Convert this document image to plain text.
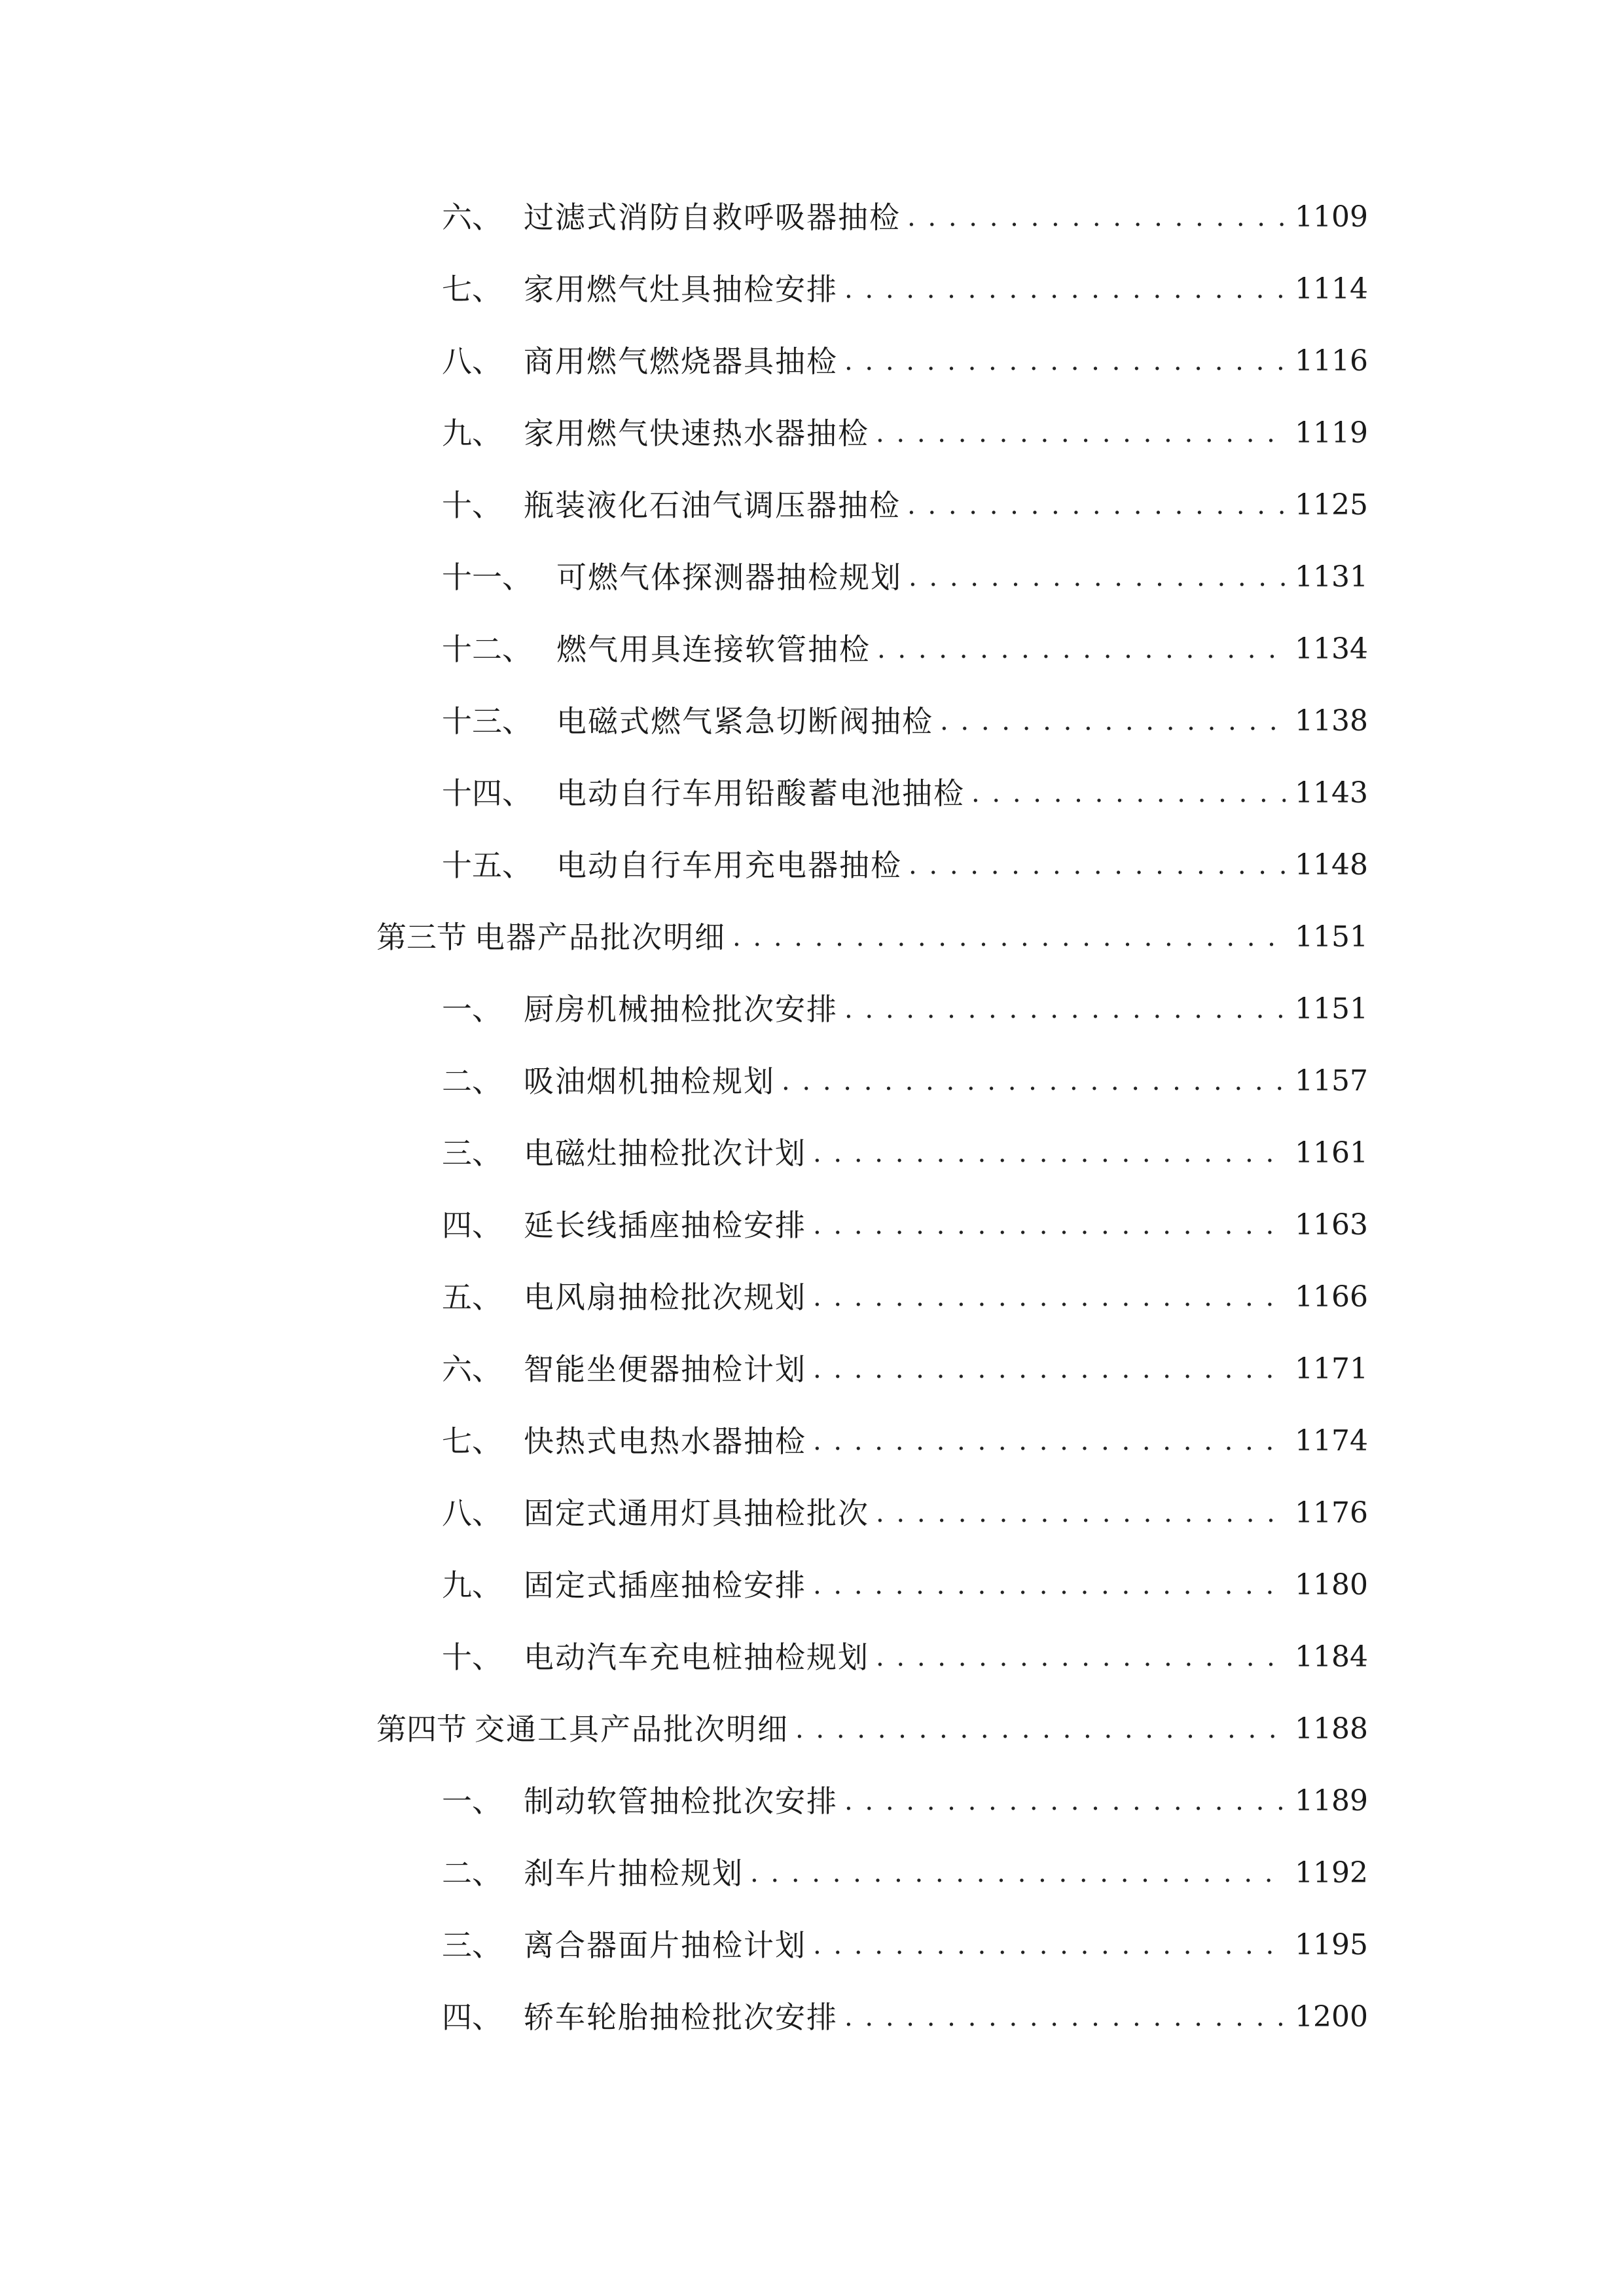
六、 过滤式消防自救呼吸器抽检 . . .	1109
七、 家用燃气灶具抽检安排 . . .	1114
八、 商用燃气燃烧器具抽检 . . .	1116
九、 家用燃气快速热水器抽检 . . .	1119
十、 瓶装液化石油气调压器抽检 . . .	1125
十一、 可燃气体探测器抽检规划 . . .	1131
十二、 燃气用具连接软管抽检 . . .	1134
十三、 电磁式燃气紧急切断阀抽检 . . .	1138
十四、 电动自行车用铅酸蓄电池抽检 . . .	1143
十五、 电动自行车用充电器抽检 . . .	1148
第三节 电器产品批次明细 . . .	1151
一、 厨房机械抽检批次安排 . . .	1151
二、 吸油烟机抽检规划 . . .	1157
三、 电磁灶抽检批次计划 . . .	1161
四、 延长线插座抽检安排 . . .	1163
五、 电风扇抽检批次规划 . . .	1166
六、 智能坐便器抽检计划 . . .	1171
七、 快热式电热水器抽检 . . .	1174
八、 固定式通用灯具抽检批次 . . .	1176
九、 固定式插座抽检安排 . . .	1180
十、 电动汽车充电桩抽检规划 . . .	1184
第四节 交通工具产品批次明细 . . .	1188
一、 制动软管抽检批次安排 . . .	1189
二、 刹车片抽检规划 . . .	1192
三、 离合器面片抽检计划 . . .	1195
四、 轿车轮胎抽检批次安排 . . .	1200
